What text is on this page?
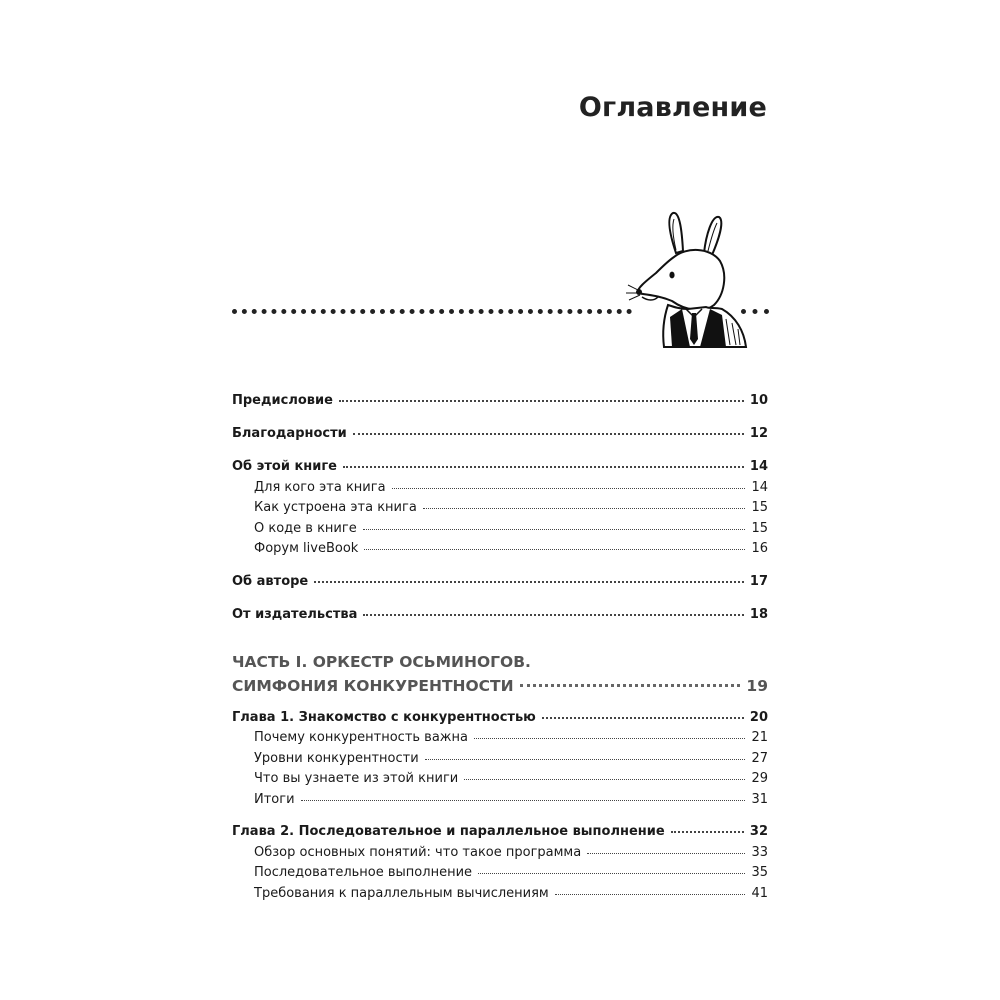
Оглавление
Предисловие	10
Благодарности	12
Об этой книге	14
Для кого эта книга	14
Как устроена эта книга	15
О коде в книге	15
Форум liveBook	16
Об авторе	17
От издательства	18
ЧАСТЬ I. ОРКЕСТР ОСЬМИНОГОВ.
СИМФОНИЯ КОНКУРЕНТНОСТИ	19
Глава 1. Знакомство с конкурентностью	20
Почему конкурентность важна	21
Уровни конкурентности	27
Что вы узнаете из этой книги	29
Итоги	31
Глава 2. Последовательное и параллельное выполнение	32
Обзор основных понятий: что такое программа	33
Последовательное выполнение	35
Требования к параллельным вычислениям	41
